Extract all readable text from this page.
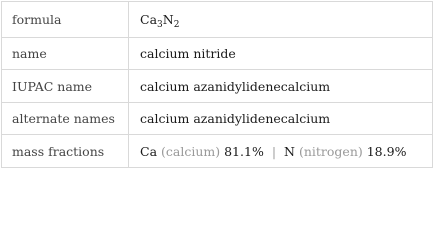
formula	$Ca_3N_2$
name	calcium nitride
IUPAC name	calcium azanidylidenecalcium
alternate names	calcium azanidylidenecalcium
mass fractions	Ca (calcium) 81.1% | N (nitrogen) 18.9%
